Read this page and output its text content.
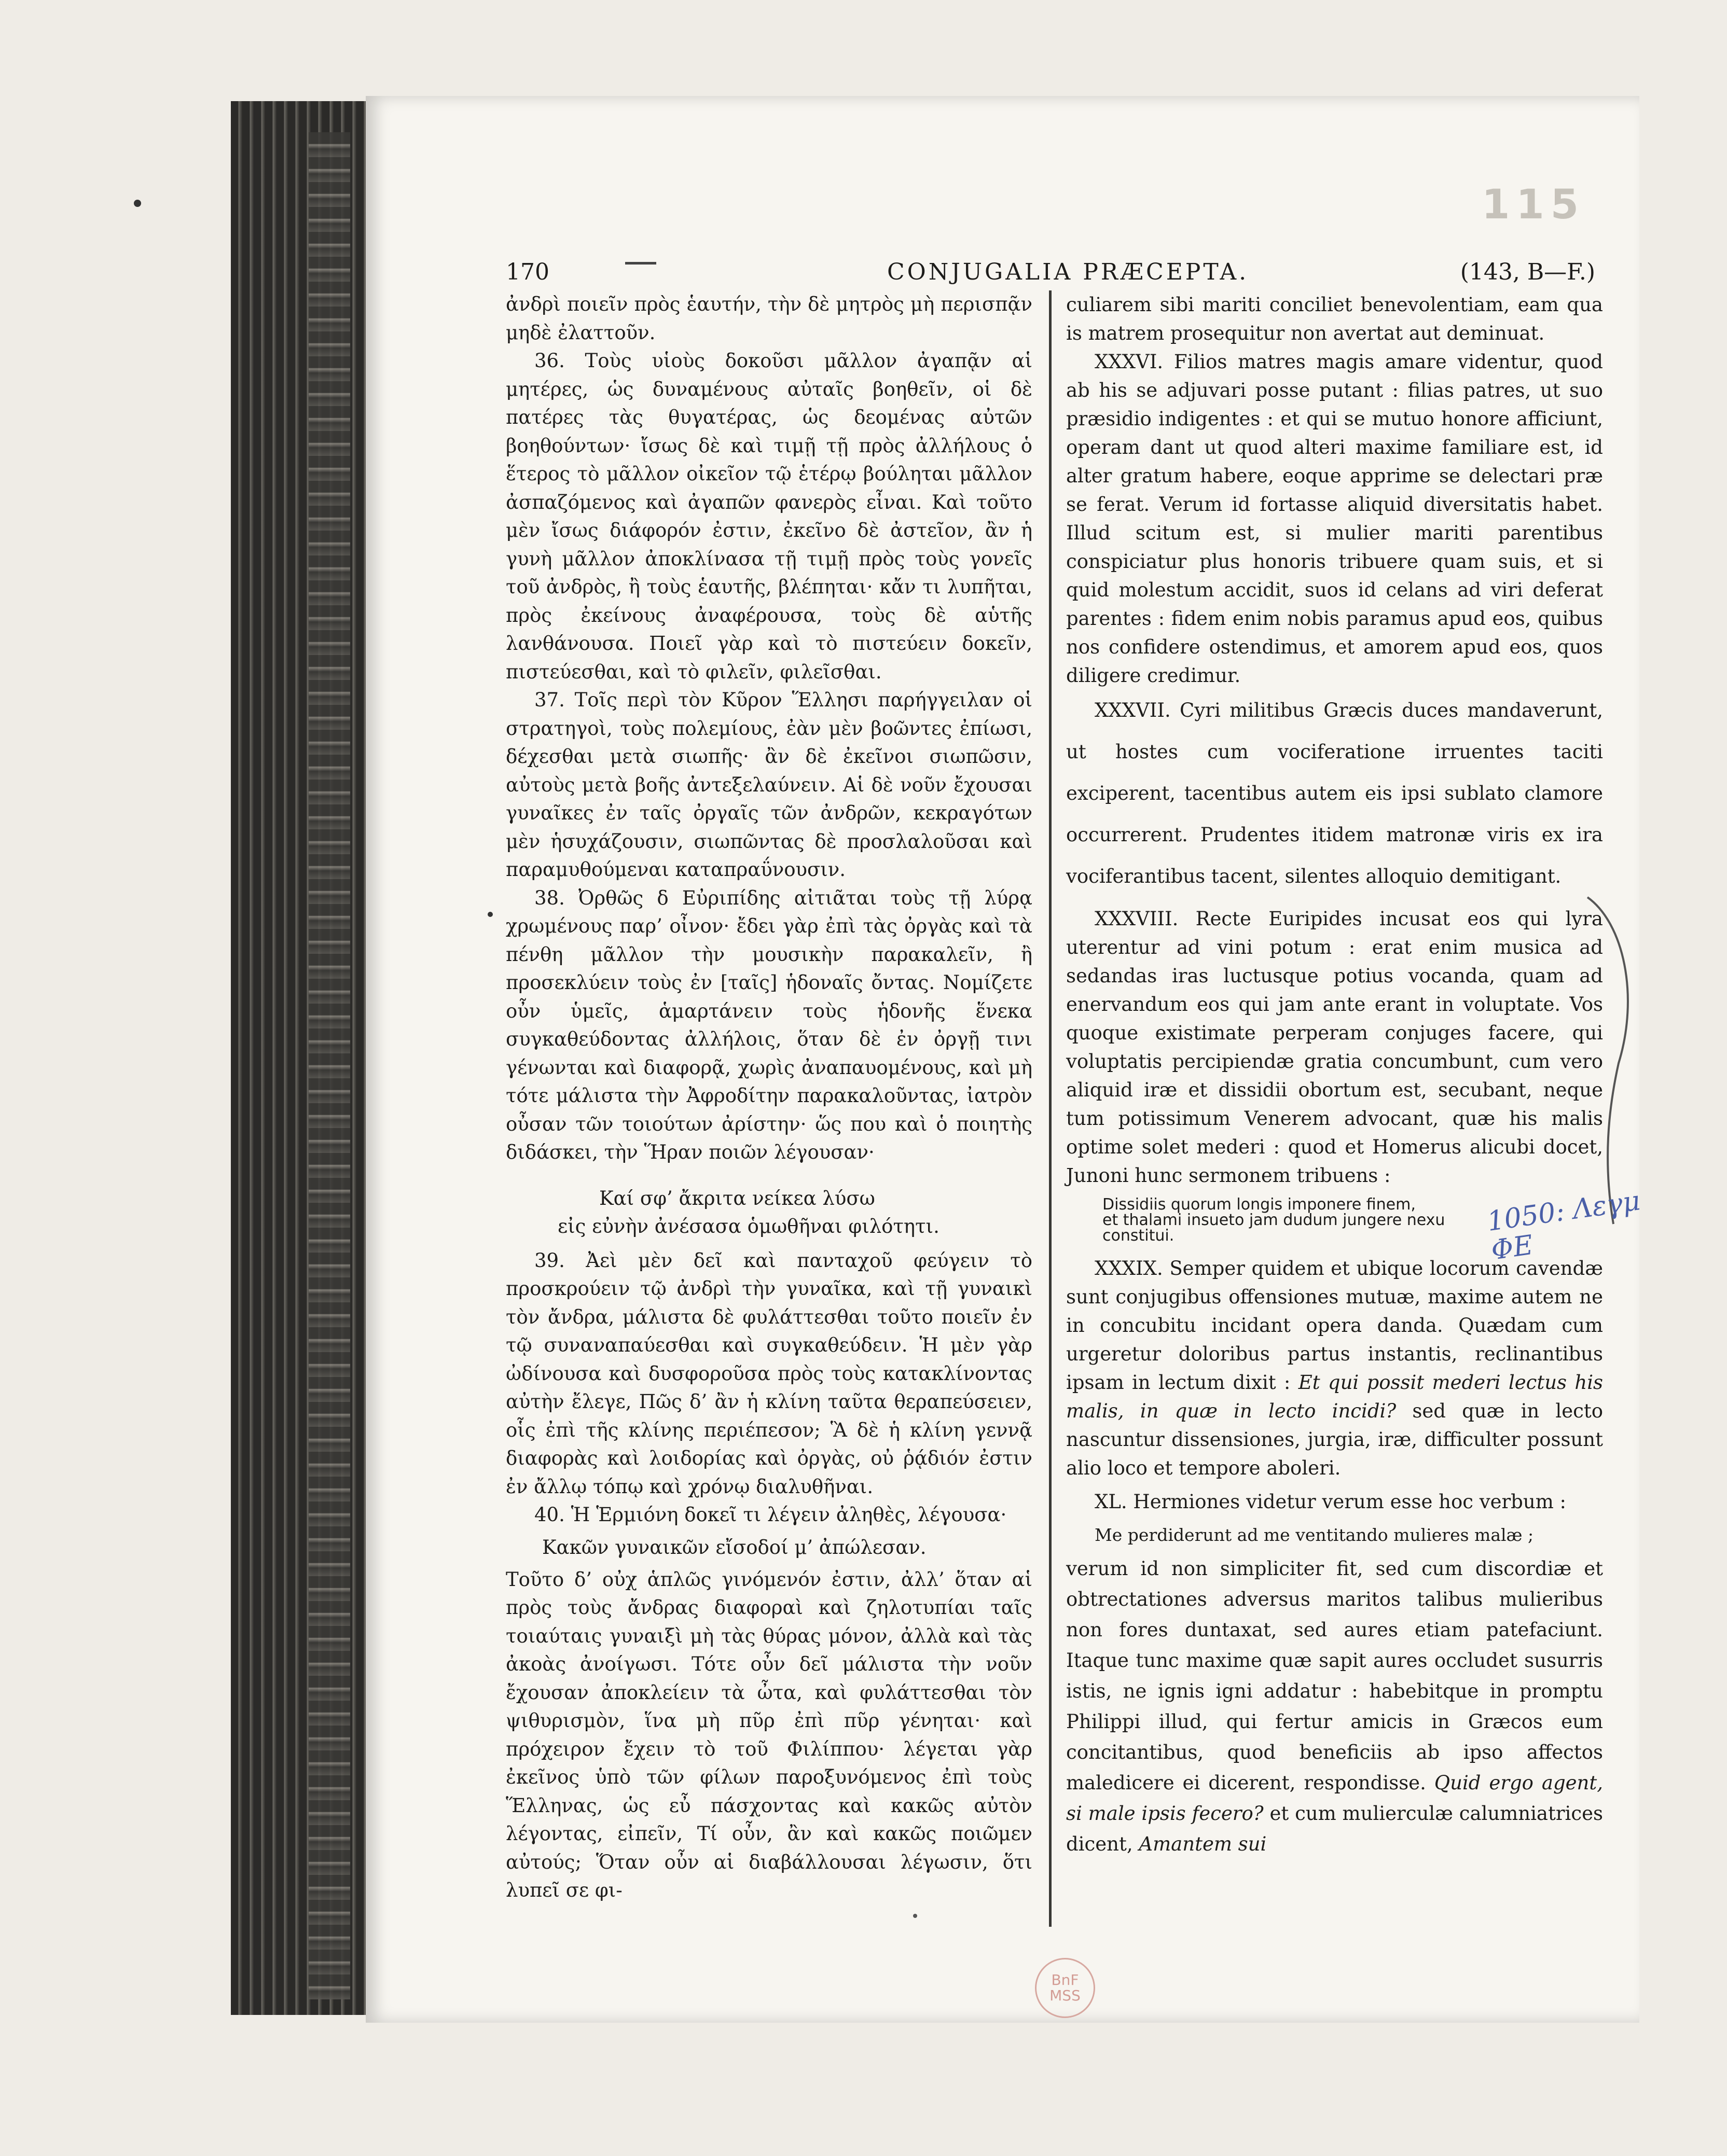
115
170	CONJUGALIA PRÆCEPTA.	(143, B—F.)

ἀνδρὶ ποιεῖν πρὸς ἑαυτήν, τὴν δὲ μητρὸς μὴ περισπᾷν μηδὲ ἐλαττοῦν.

36. Τοὺς υἱοὺς δοκοῦσι μᾶλλον ἀγαπᾷν αἱ μητέρες, ὡς δυναμένους αὐταῖς βοηθεῖν, οἱ δὲ πατέρες τὰς θυγατέρας, ὡς δεομένας αὐτῶν βοηθούντων· ἴσως δὲ καὶ τιμῇ τῇ πρὸς ἀλλήλους ὁ ἕτερος τὸ μᾶλλον οἰκεῖον τῷ ἑτέρῳ βούληται μᾶλλον ἀσπαζόμενος καὶ ἀγαπῶν φανερὸς εἶναι. Καὶ τοῦτο μὲν ἴσως διάφορόν ἐστιν, ἐκεῖνο δὲ ἀστεῖον, ἂν ἡ γυνὴ μᾶλλον ἀποκλίνασα τῇ τιμῇ πρὸς τοὺς γονεῖς τοῦ ἀνδρὸς, ἢ τοὺς ἑαυτῆς, βλέπηται· κἄν τι λυπῆται, πρὸς ἐκείνους ἀναφέρουσα, τοὺς δὲ αὑτῆς λανθάνουσα. Ποιεῖ γὰρ καὶ τὸ πιστεύειν δοκεῖν, πιστεύεσθαι, καὶ τὸ φιλεῖν, φιλεῖσθαι.

37. Τοῖς περὶ τὸν Κῦρον Ἕλλησι παρήγγειλαν οἱ στρατηγοὶ, τοὺς πολεμίους, ἐὰν μὲν βοῶντες ἐπίωσι, δέχεσθαι μετὰ σιωπῆς· ἂν δὲ ἐκεῖνοι σιωπῶσιν, αὐτοὺς μετὰ βοῆς ἀντεξελαύνειν. Αἱ δὲ νοῦν ἔχουσαι γυναῖκες ἐν ταῖς ὀργαῖς τῶν ἀνδρῶν, κεκραγότων μὲν ἡσυχάζουσιν, σιωπῶντας δὲ προσλαλοῦσαι καὶ παραμυθούμεναι καταπραΰνουσιν.

38. Ὀρθῶς δ Εὐριπίδης αἰτιᾶται τοὺς τῇ λύρᾳ χρωμένους παρ’ οἶνον· ἔδει γὰρ ἐπὶ τὰς ὀργὰς καὶ τὰ πένθη μᾶλλον τὴν μουσικὴν παρακαλεῖν, ἢ προσεκλύειν τοὺς ἐν [ταῖς] ἡδοναῖς ὄντας. Νομίζετε οὖν ὑμεῖς, ἁμαρτάνειν τοὺς ἡδονῆς ἕνεκα συγκαθεύδοντας ἀλλήλοις, ὅταν δὲ ἐν ὀργῇ τινι γένωνται καὶ διαφορᾷ, χωρὶς ἀναπαυομένους, καὶ μὴ τότε μάλιστα τὴν Ἀφροδίτην παρακαλοῦντας, ἰατρὸν οὖσαν τῶν τοιούτων ἀρίστην· ὥς που καὶ ὁ ποιητὴς διδάσκει, τὴν Ἥραν ποιῶν λέγουσαν·

Καί σφ’ ἄκριτα νείκεα λύσω

εἰς εὐνὴν ἀνέσασα ὁμωθῆναι φιλότητι.

39. Ἀεὶ μὲν δεῖ καὶ πανταχοῦ φεύγειν τὸ προσκρούειν τῷ ἀνδρὶ τὴν γυναῖκα, καὶ τῇ γυναικὶ τὸν ἄνδρα, μάλιστα δὲ φυλάττεσθαι τοῦτο ποιεῖν ἐν τῷ συναναπαύεσθαι καὶ συγκαθεύδειν. Ἡ μὲν γὰρ ὠδίνουσα καὶ δυσφοροῦσα πρὸς τοὺς κατακλίνοντας αὐτὴν ἔλεγε, Πῶς δ’ ἂν ἡ κλίνη ταῦτα θεραπεύσειεν, οἷς ἐπὶ τῆς κλίνης περιέπεσον; Ἃ δὲ ἡ κλίνη γεννᾷ διαφορὰς καὶ λοιδορίας καὶ ὀργὰς, οὐ ῥᾴδιόν ἐστιν ἐν ἄλλῳ τόπῳ καὶ χρόνῳ διαλυθῆναι.

40. Ἡ Ἑρμιόνη δοκεῖ τι λέγειν ἀληθὲς, λέγουσα·

Κακῶν γυναικῶν εἴσοδοί μ’ ἀπώλεσαν.

Τοῦτο δ’ οὐχ ἁπλῶς γινόμενόν ἐστιν, ἀλλ’ ὅταν αἱ πρὸς τοὺς ἄνδρας διαφοραὶ καὶ ζηλοτυπίαι ταῖς τοιαύταις γυναιξὶ μὴ τὰς θύρας μόνον, ἀλλὰ καὶ τὰς ἀκοὰς ἀνοίγωσι. Τότε οὖν δεῖ μάλιστα τὴν νοῦν ἔχουσαν ἀποκλείειν τὰ ὦτα, καὶ φυλάττεσθαι τὸν ψιθυρισμὸν, ἵνα μὴ πῦρ ἐπὶ πῦρ γένηται· καὶ πρόχειρον ἔχειν τὸ τοῦ Φιλίππου· λέγεται γὰρ ἐκεῖνος ὑπὸ τῶν φίλων παροξυνόμενος ἐπὶ τοὺς Ἕλληνας, ὡς εὖ πάσχοντας καὶ κακῶς αὐτὸν λέγοντας, εἰπεῖν, Τί οὖν, ἂν καὶ κακῶς ποιῶμεν αὐτούς; Ὅταν οὖν αἱ διαβάλλουσαι λέγωσιν, ὅτι λυπεῖ σε φι-

culiarem sibi mariti conciliet benevolentiam, eam qua is matrem prosequitur non avertat aut deminuat.

XXXVI. Filios matres magis amare videntur, quod ab his se adjuvari posse putant : filias patres, ut suo præsidio indigentes : et qui se mutuo honore afficiunt, operam dant ut quod alteri maxime familiare est, id alter gratum habere, eoque apprime se delectari præ se ferat. Verum id fortasse aliquid diversitatis habet. Illud scitum est, si mulier mariti parentibus conspiciatur plus honoris tribuere quam suis, et si quid molestum accidit, suos id celans ad viri deferat parentes : fidem enim nobis paramus apud eos, quibus nos confidere ostendimus, et amorem apud eos, quos diligere credimur.

XXXVII. Cyri militibus Græcis duces mandaverunt, ut hostes cum vociferatione irruentes taciti exciperent, tacentibus autem eis ipsi sublato clamore occurrerent. Prudentes itidem matronæ viris ex ira vociferantibus tacent, silentes alloquio demitigant.

XXXVIII. Recte Euripides incusat eos qui lyra uterentur ad vini potum : erat enim musica ad sedandas iras luctusque potius vocanda, quam ad enervandum eos qui jam ante erant in voluptate. Vos quoque existimate perperam conjuges facere, qui voluptatis percipiendæ gratia concumbunt, cum vero aliquid iræ et dissidii obortum est, secubant, neque tum potissimum Venerem advocant, quæ his malis optime solet mederi : quod et Homerus alicubi docet, Junoni hunc sermonem tribuens :

Dissidiis quorum longis imponere finem,
et thalami insueto jam dudum jungere nexu
constitui.

XXXIX. Semper quidem et ubique locorum cavendæ sunt conjugibus offensiones mutuæ, maxime autem ne in concubitu incidant opera danda. Quædam cum urgeretur doloribus partus instantis, reclinantibus ipsam in lectum dixit : Et qui possit mederi lectus his malis, in quæ in lecto incidi? sed quæ in lecto nascuntur dissensiones, jurgia, iræ, difficulter possunt alio loco et tempore aboleri.

XL. Hermiones videtur verum esse hoc verbum :

Me perdiderunt ad me ventitando mulieres malæ ;

verum id non simpliciter fit, sed cum discordiæ et obtrectationes adversus maritos talibus mulieribus non fores duntaxat, sed aures etiam patefaciunt. Itaque tunc maxime quæ sapit aures occludet susurris istis, ne ignis igni addatur : habebitque in promptu Philippi illud, qui fertur amicis in Græcos eum concitantibus, quod beneficiis ab ipso affectos maledicere ei dicerent, respondisse. Quid ergo agent, si male ipsis fecero? et cum mulierculæ calumniatrices dicent, Amantem sui

1050: Λεγμ ΦΕ
BnF
MSS
